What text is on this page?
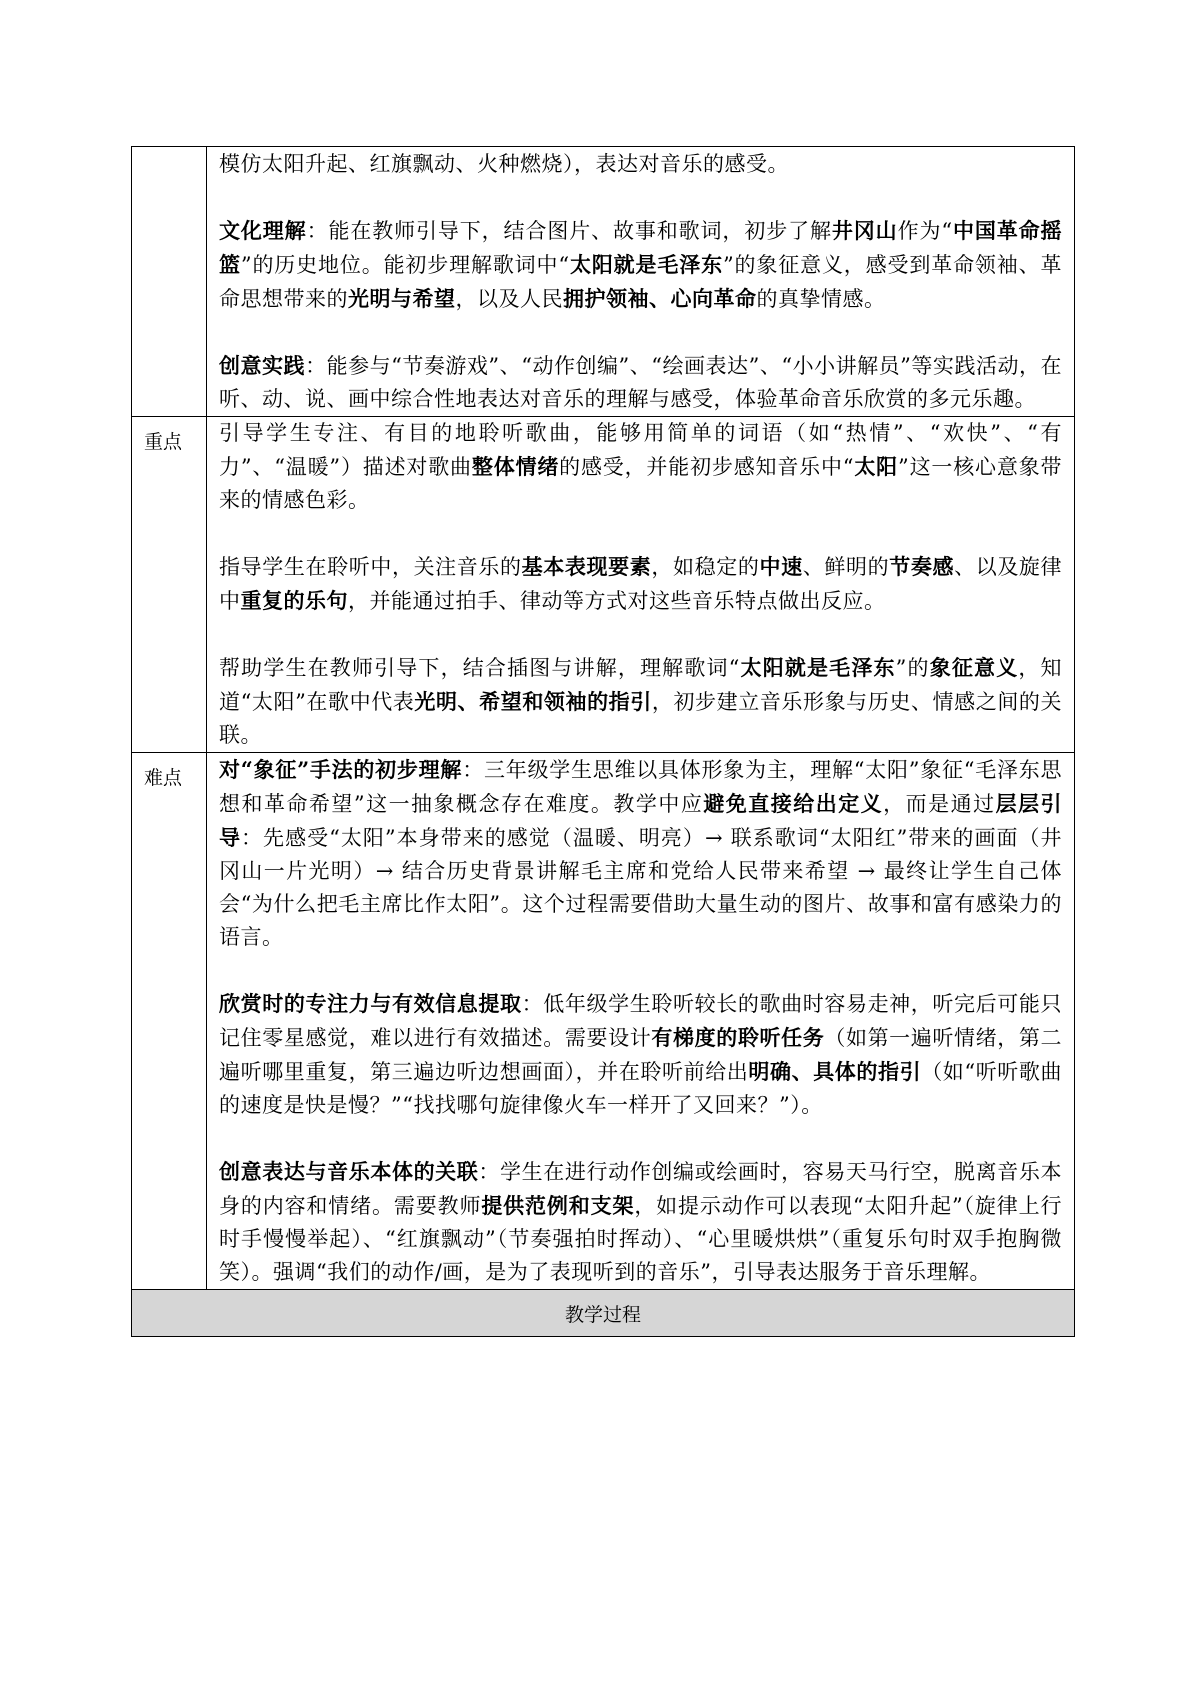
	模仿太阳升起、红旗飘动、火种燃烧），表达对音乐的感受。

文化理解：能在教师引导下，结合图片、故事和歌词，初步了解井冈山作为“中国革命摇篮”的历史地位。能初步理解歌词中“太阳就是毛泽东”的象征意义，感受到革命领袖、革命思想带来的光明与希望，以及人民拥护领袖、心向革命的真挚情感。

创意实践：能参与“节奏游戏”、“动作创编”、“绘画表达”、“小小讲解员”等实践活动，在听、动、说、画中综合性地表达对音乐的理解与感受，体验革命音乐欣赏的多元乐趣。

重点	引导学生专注、有目的地聆听歌曲，能够用简单的词语（如“热情”、“欢快”、“有力”、“温暖”）描述对歌曲整体情绪的感受，并能初步感知音乐中“太阳”这一核心意象带来的情感色彩。

指导学生在聆听中，关注音乐的基本表现要素，如稳定的中速、鲜明的节奏感、以及旋律中重复的乐句，并能通过拍手、律动等方式对这些音乐特点做出反应。

帮助学生在教师引导下，结合插图与讲解，理解歌词“太阳就是毛泽东”的象征意义，知道“太阳”在歌中代表光明、希望和领袖的指引，初步建立音乐形象与历史、情感之间的关联。

难点	对“象征”手法的初步理解：三年级学生思维以具体形象为主，理解“太阳”象征“毛泽东思想和革命希望”这一抽象概念存在难度。教学中应避免直接给出定义，而是通过层层引导：先感受“太阳”本身带来的感觉（温暖、明亮）→ 联系歌词“太阳红”带来的画面（井冈山一片光明）→ 结合历史背景讲解毛主席和党给人民带来希望 → 最终让学生自己体会“为什么把毛主席比作太阳”。这个过程需要借助大量生动的图片、故事和富有感染力的语言。

欣赏时的专注力与有效信息提取：低年级学生聆听较长的歌曲时容易走神，听完后可能只记住零星感觉，难以进行有效描述。需要设计有梯度的聆听任务（如第一遍听情绪，第二遍听哪里重复，第三遍边听边想画面），并在聆听前给出明确、具体的指引（如“听听歌曲的速度是快是慢？”“找找哪句旋律像火车一样开了又回来？”）。

创意表达与音乐本体的关联：学生在进行动作创编或绘画时，容易天马行空，脱离音乐本身的内容和情绪。需要教师提供范例和支架，如提示动作可以表现“太阳升起”（旋律上行时手慢慢举起）、“红旗飘动”（节奏强拍时挥动）、“心里暖烘烘”（重复乐句时双手抱胸微笑）。强调“我们的动作/画，是为了表现听到的音乐”，引导表达服务于音乐理解。

教学过程	
